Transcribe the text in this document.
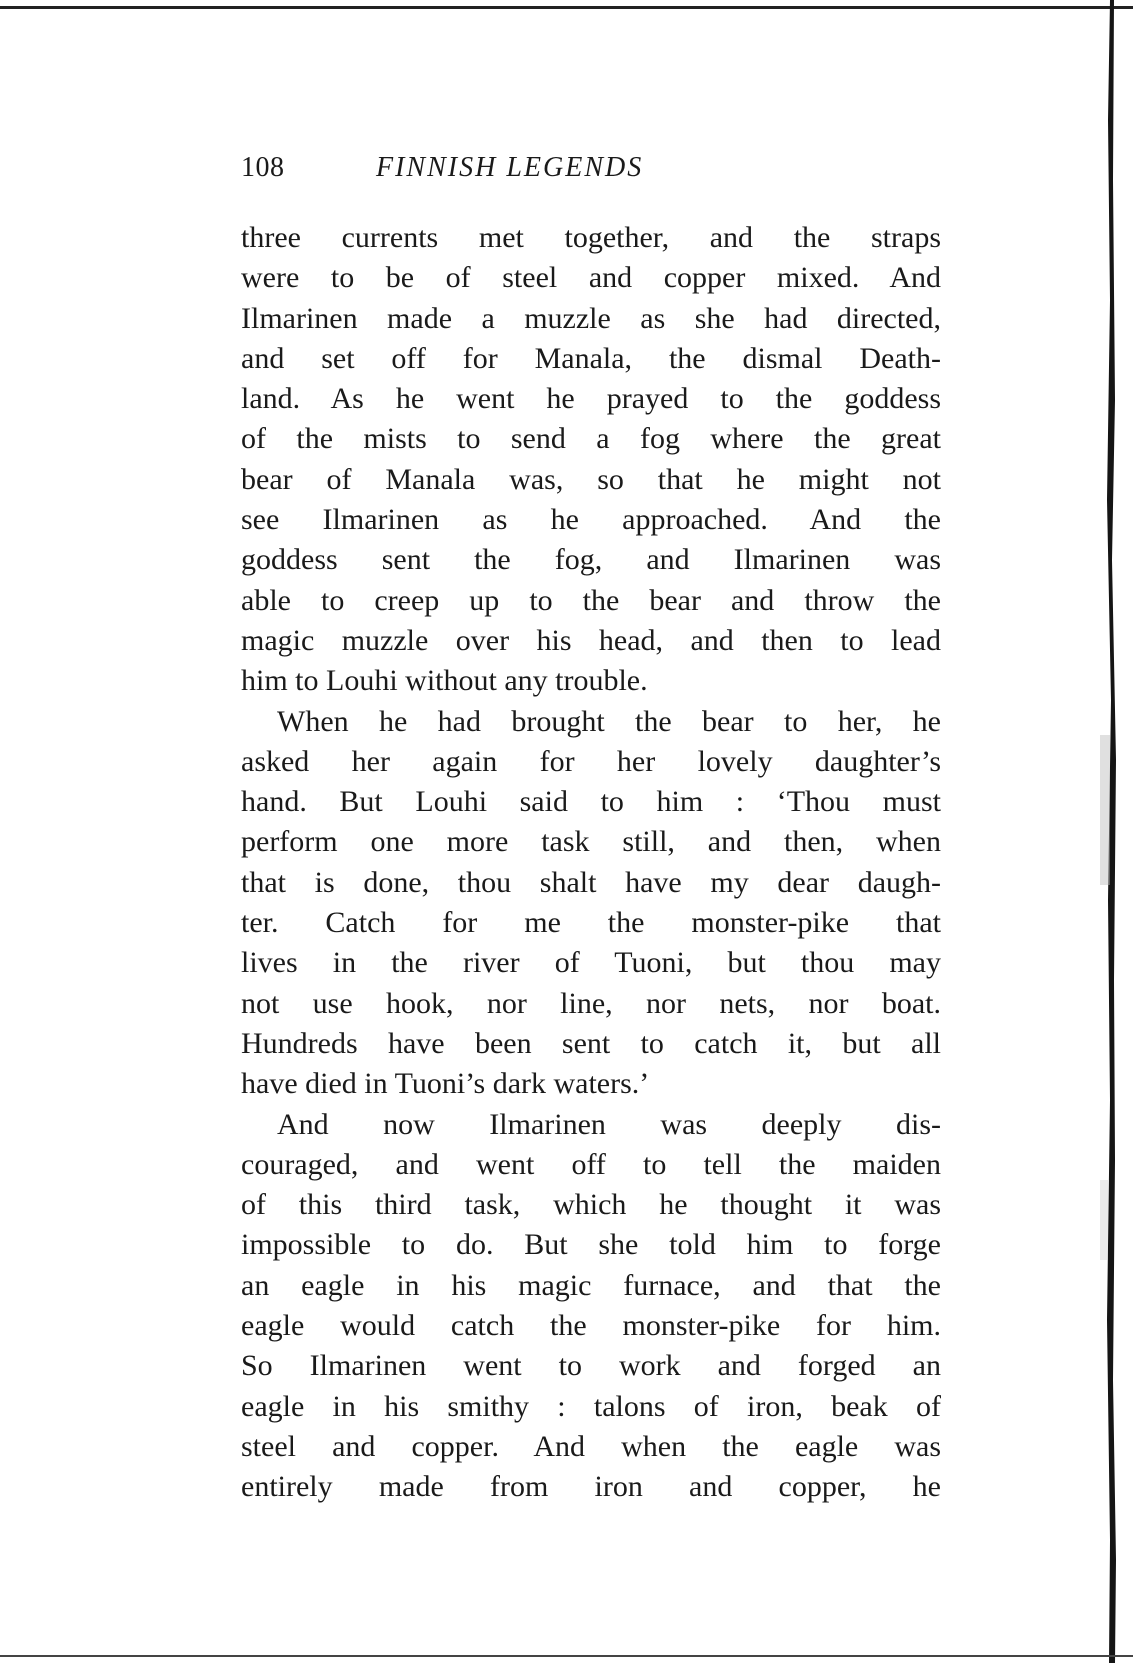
108	FINNISH LEGENDS
three currents met together, and the straps
were to be of steel and copper mixed. And
Ilmarinen made a muzzle as she had directed,
and set off for Manala, the dismal Death-
land. As he went he prayed to the goddess
of the mists to send a fog where the great
bear of Manala was, so that he might not
see Ilmarinen as he approached. And the
goddess sent the fog, and Ilmarinen was
able to creep up to the bear and throw the
magic muzzle over his head, and then to lead
him to Louhi without any trouble.
When he had brought the bear to her, he
asked her again for her lovely daughter’s
hand. But Louhi said to him : ‘Thou must
perform one more task still, and then, when
that is done, thou shalt have my dear daugh-
ter. Catch for me the monster-pike that
lives in the river of Tuoni, but thou may
not use hook, nor line, nor nets, nor boat.
Hundreds have been sent to catch it, but all
have died in Tuoni’s dark waters.’
And now Ilmarinen was deeply dis-
couraged, and went off to tell the maiden
of this third task, which he thought it was
impossible to do. But she told him to forge
an eagle in his magic furnace, and that the
eagle would catch the monster-pike for him.
So Ilmarinen went to work and forged an
eagle in his smithy : talons of iron, beak of
steel and copper. And when the eagle was
entirely made from iron and copper, he
